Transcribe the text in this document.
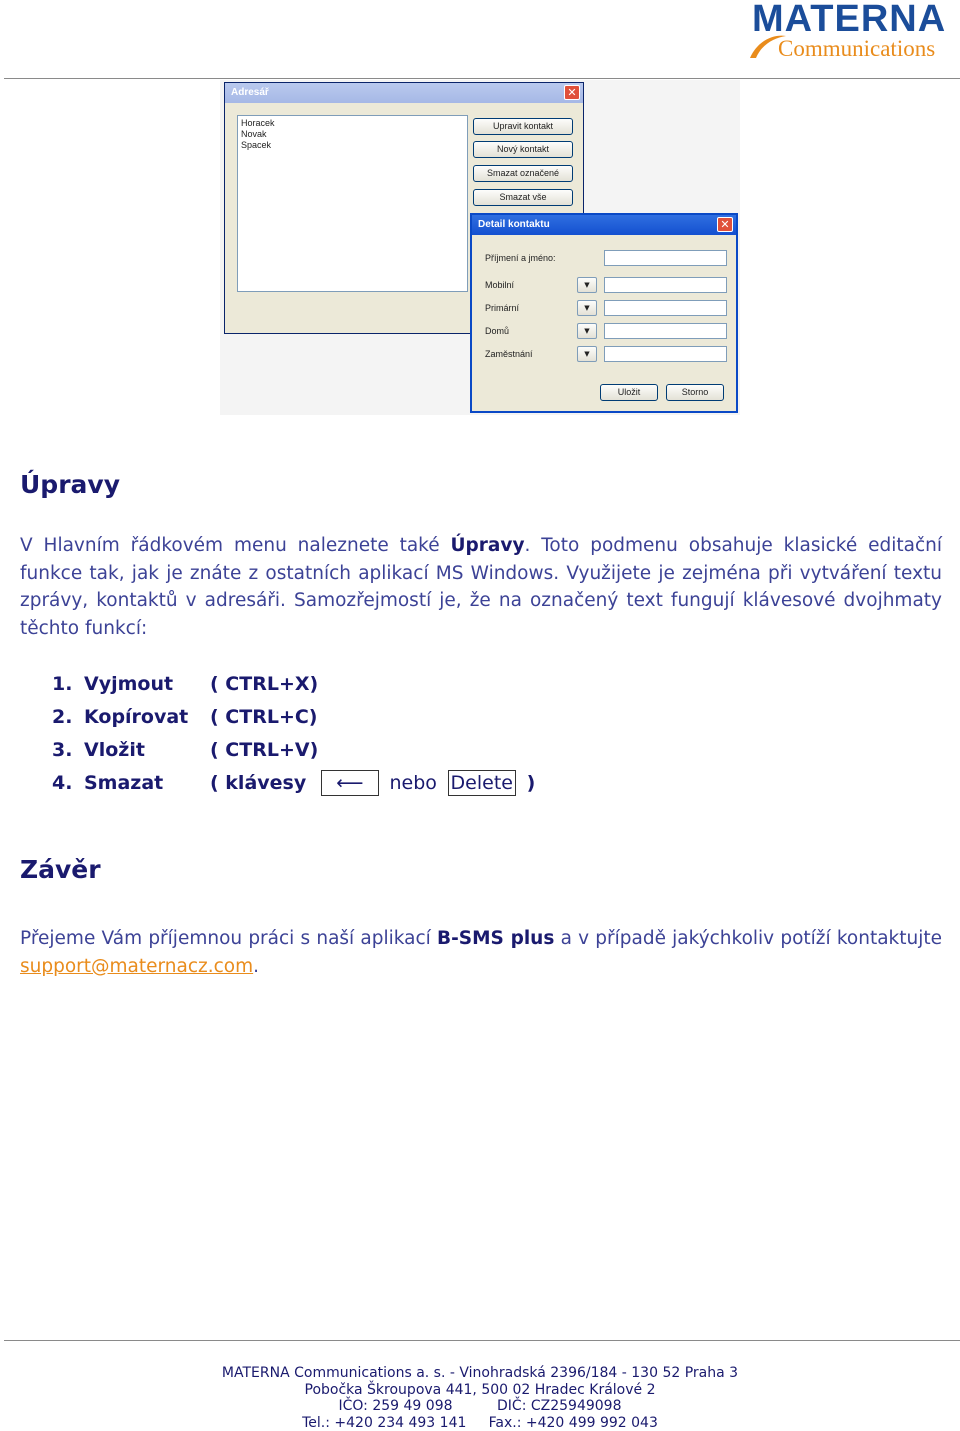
MATERNA
Communications
Adresář	✕
Horacek
Novak
Spacek
Upravit kontakt
Nový kontakt
Smazat označené
Smazat vše
Detail kontaktu	✕
Příjmení a jméno:
Mobilní	▼
Primární	▼
Domů	▼
Zaměstnání	▼
Uložit	Storno
Úpravy
V Hlavním řádkovém menu naleznete také Úpravy. Toto podmenu obsahuje klasické editační funkce tak, jak je znáte z ostatních aplikací MS Windows. Využijete je zejména při vytváření textu zprávy, kontaktů v adresáři. Samozřejmostí je, že na označený text fungují klávesové dvojhmaty těchto funkcí:
1. Vyjmout ( CTRL+X)
2. Kopírovat ( CTRL+C)
3. Vložit	( CTRL+V)
4. Smazat ( klávesy ⟵ nebo Delete )
Závěr
Přejeme Vám příjemnou práci s naší aplikací B-SMS plus a v případě jakýchkoliv potíží kontaktujte support@maternacz.com.
MATERNA Communications a. s. - Vinohradská 2396/184 - 130 52 Praha 3
Pobočka Škroupova 441, 500 02 Hradec Králové 2
IČO: 259 49 098          DIČ: CZ25949098
Tel.: +420 234 493 141     Fax.: +420 499 992 043
